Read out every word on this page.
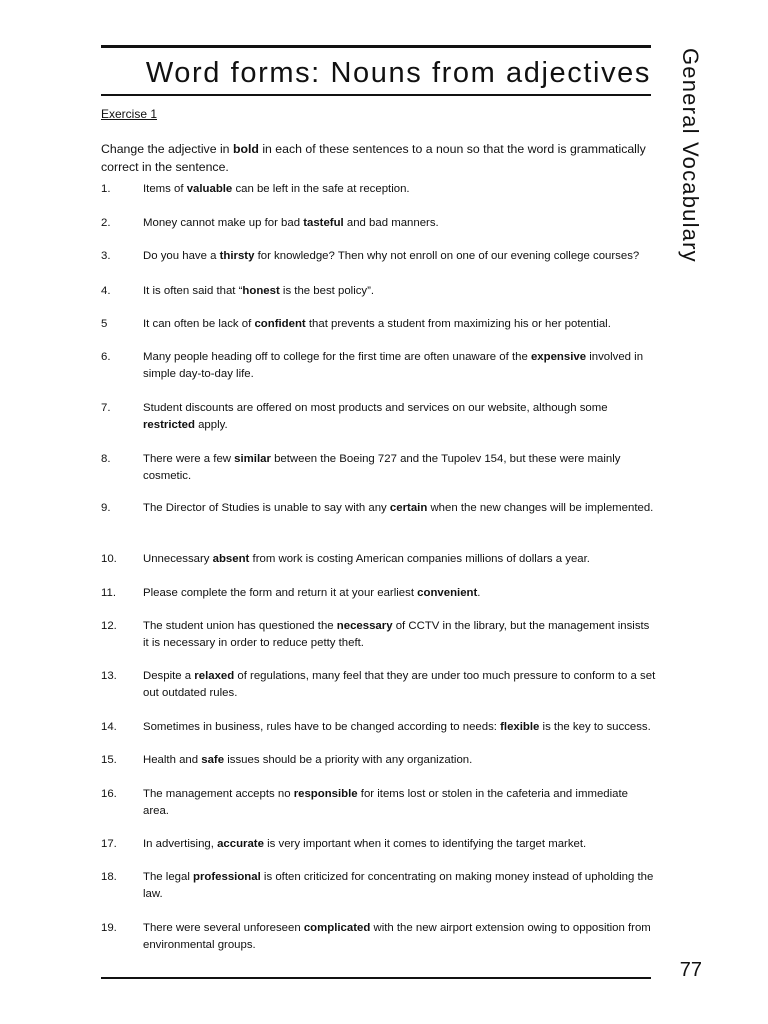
Word forms: Nouns from adjectives General Vocabulary
Exercise 1
Change the adjective in bold in each of these sentences to a noun so that the word is grammatically correct in the sentence.
1.	Items of valuable can be left in the safe at reception.
2.	Money cannot make up for bad tasteful and bad manners.
3.	Do you have a thirsty for knowledge? Then why not enroll on one of our evening college courses?
4.	It is often said that “honest is the best policy”.
5	It can often be lack of confident that prevents a student from maximizing his or her potential.
6.	Many people heading off to college for the first time are often unaware of the expensive involved in simple day-to-day life.
7.	Student discounts are offered on most products and services on our website, although some restricted apply.
8.	There were a few similar between the Boeing 727 and the Tupolev 154, but these were mainly cosmetic.
9.	The Director of Studies is unable to say with any certain when the new changes will be implemented.
10. Unnecessary absent from work is costing American companies millions of dollars a year.
11. Please complete the form and return it at your earliest convenient.
12. The student union has questioned the necessary of CCTV in the library, but the management insists it is necessary in order to reduce petty theft.
13. Despite a relaxed of regulations, many feel that they are under too much pressure to conform to a set out outdated rules.
14. Sometimes in business, rules have to be changed according to needs: flexible is the key to success.
15. Health and safe issues should be a priority with any organization.
16. The management accepts no responsible for items lost or stolen in the cafeteria and immediate area.
17. In advertising, accurate is very important when it comes to identifying the target market.
18. The legal professional is often criticized for concentrating on making money instead of upholding the law.
19. There were several unforeseen complicated with the new airport extension owing to opposition from environmental groups.
77
